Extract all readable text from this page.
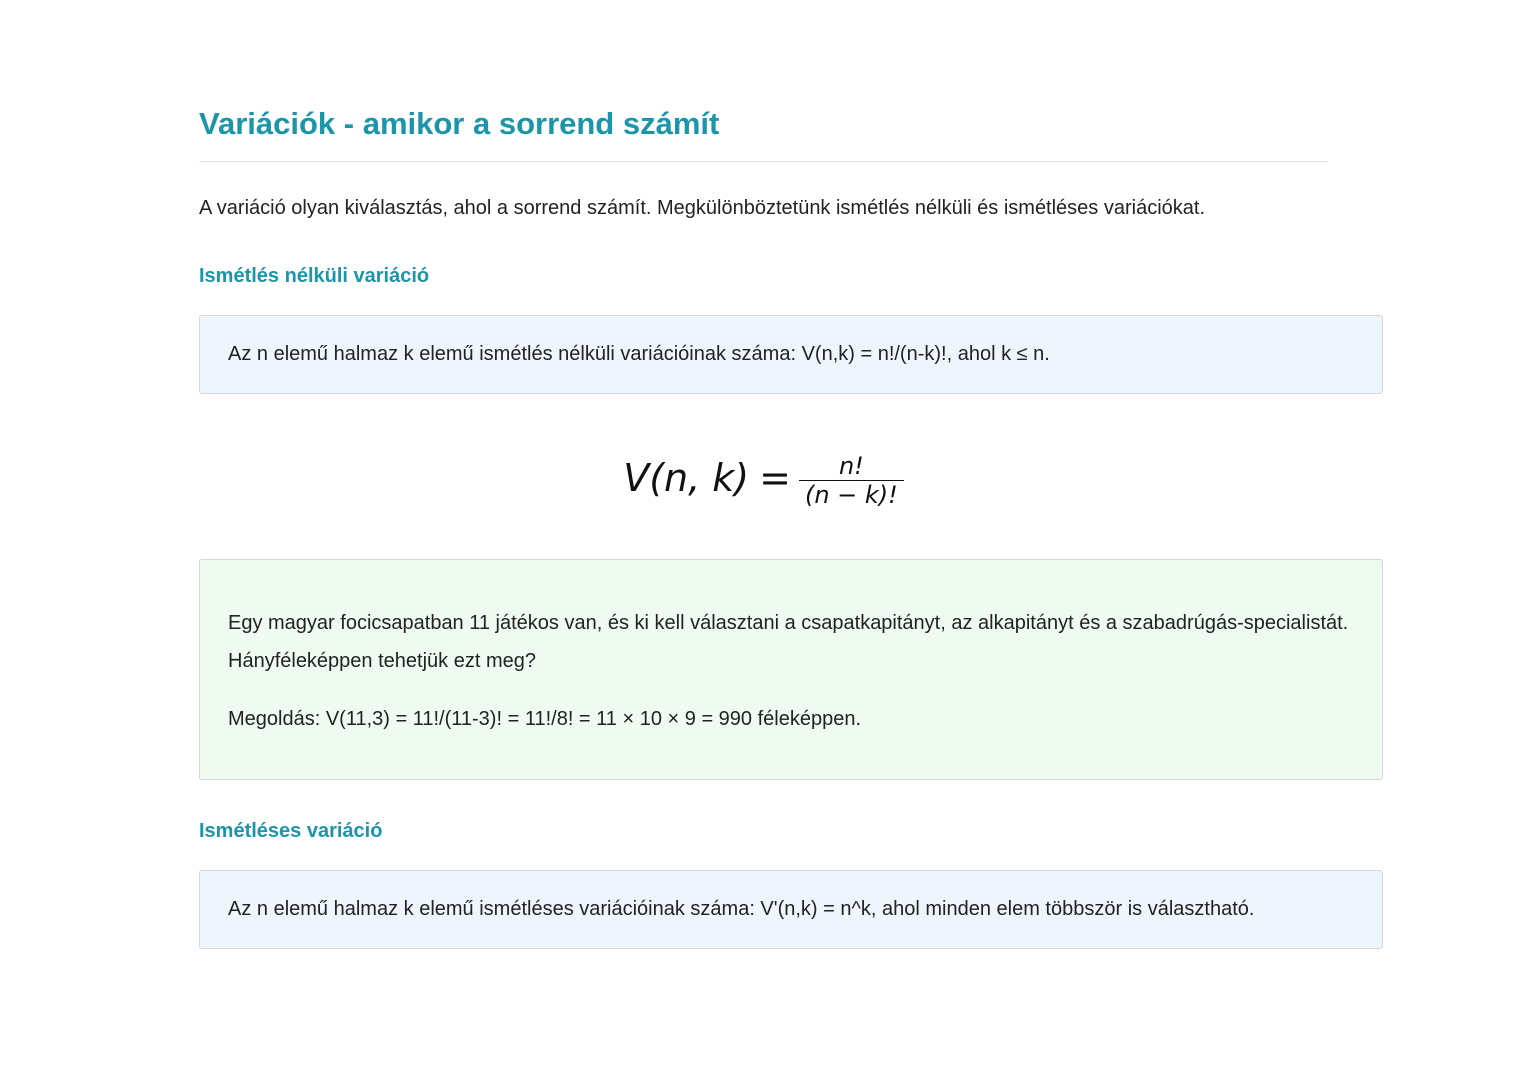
Variációk - amikor a sorrend számít

A variáció olyan kiválasztás, ahol a sorrend számít. Megkülönböztetünk ismétlés nélküli és ismétléses variációkat.

Ismétlés nélküli variáció
Az n elemű halmaz k elemű ismétlés nélküli variációinak száma: V(n,k) = n!/(n-k)!, ahol k ≤ n.
V(n, $k) = \frac{n!}{(n - k)!}$

Egy magyar focicsapatban 11 játékos van, és ki kell választani a csapatkapitányt, az alkapitányt és a szabadrúgás-specialistát. Hányféleképpen tehetjük ezt meg?

Megoldás: V(11,3) = 11!/(11-3)! = 11!/8! = 11 × 10 × 9 = 990 féleképpen.

Ismétléses variáció
Az n elemű halmaz k elemű ismétléses variációinak száma: V'(n,k) = n^k, ahol minden elem többször is választható.
